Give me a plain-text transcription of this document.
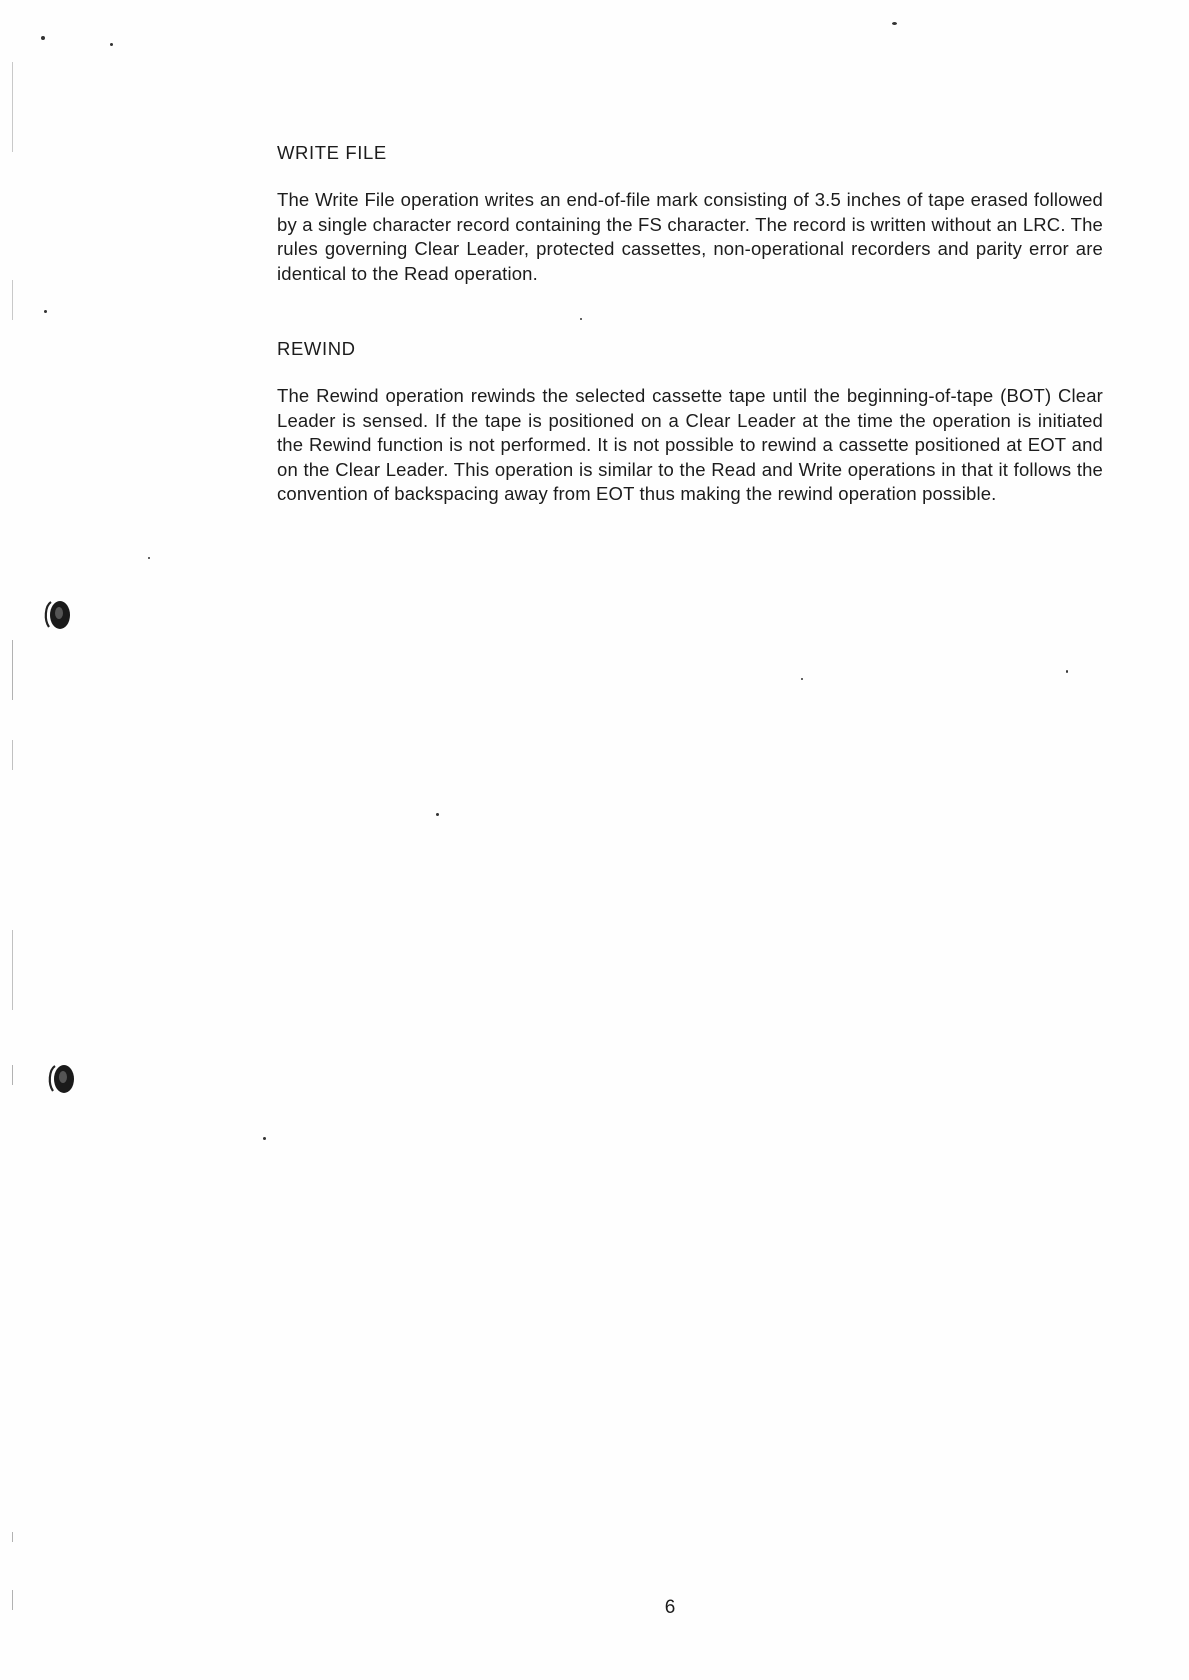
WRITE FILE

The Write File operation writes an end-of-file mark consisting of 3.5 inches of tape erased followed by a single character record containing the FS character. The record is written without an LRC. The rules governing Clear Leader, protected cassettes, non-operational recorders and parity error are identical to the Read operation.

REWIND

The Rewind operation rewinds the selected cassette tape until the beginning-of-tape (BOT) Clear Leader is sensed. If the tape is positioned on a Clear Leader at the time the operation is initiated the Rewind function is not performed. It is not possible to rewind a cassette positioned at EOT and on the Clear Leader. This operation is similar to the Read and Write operations in that it follows the convention of backspacing away from EOT thus making the rewind operation possible.

6
